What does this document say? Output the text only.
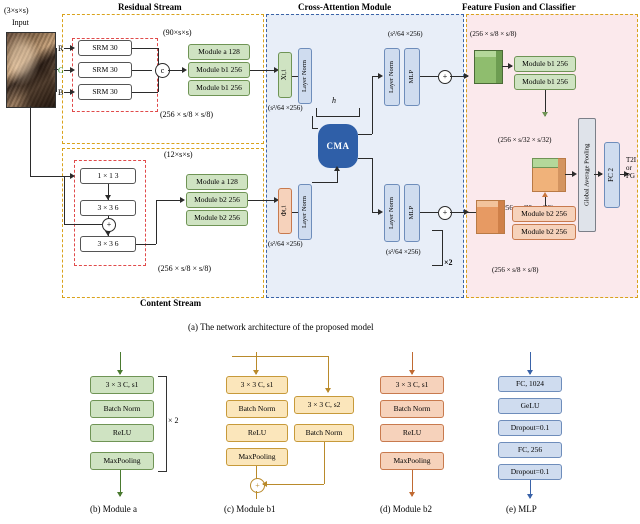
Residual Stream	Cross-Attention Module	Feature Fusion and Classifier
Content Stream
(3×s×s)
Input
R
G
B
SRM 30
SRM 30
SRM 30
c
(90×s×s)
Module a 128
Module b1 256
Module b1 256
(256 × s/8 × s/8)
1 × 1 3
3 × 3 6
3 × 3 6
+
(12×s×s)
Module a 128
Module b2 256
Module b2 256
(256 × s/8 × s/8)
X
t,1
(s²/64 ×256)
Φ
t,1
(s²/64 ×256)
Layer Norm
Layer Norm
h
CMA
Layer Norm MLP
(s²/64 ×256)
Layer Norm MLP
(s²/64 ×256)
+
+
×2
(256 × s/8 × s/8)
Module b1 256
Module b1 256
(256 × s/32 × s/32)
(256
Module b2 256
Module b2 256
(256 × s/8 × s/8)
Global Average Pooling	FC 2
T2I or PG
(a) The network architecture of the proposed model
3 × 3 C, s1
Batch Norm
ReLU
MaxPooling
× 2
(b) Module a
3 × 3 C, s1
Batch Norm
ReLU
MaxPooling
3 × 3 C, s2
Batch Norm
+
(c) Module b1
3 × 3 C, s1
Batch Norm
ReLU
MaxPooling
(d) Module b2
FC, 1024
GeLU
Dropout=0.1
FC, 256
Dropout=0.1
(e) MLP
